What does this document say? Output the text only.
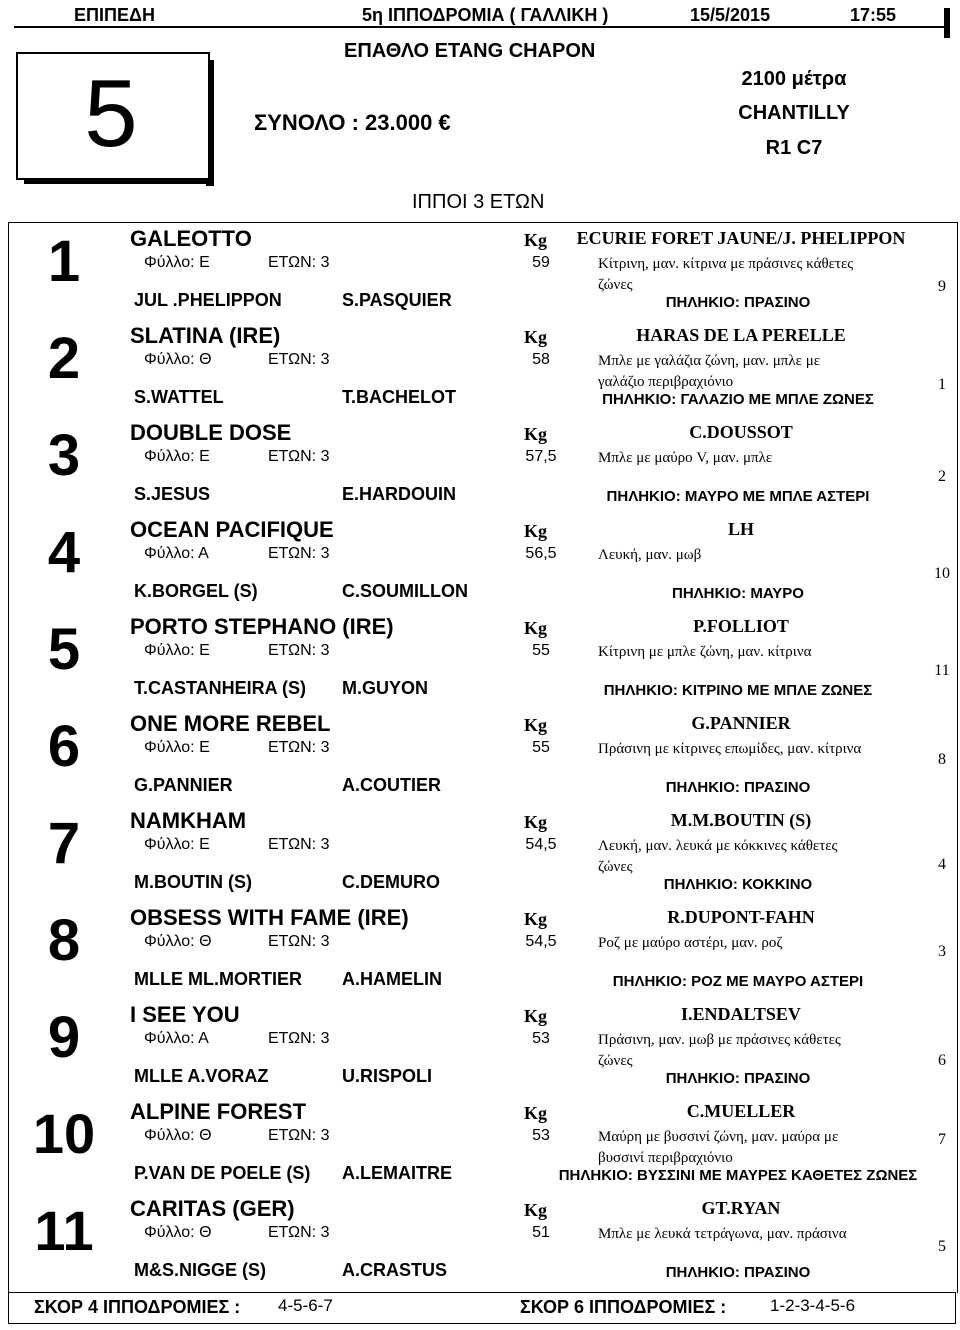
ΕΠΙΠΕΔΗ	5η ΙΠΠΟΔΡΟΜΙΑ ( ΓΑΛΛΙΚΗ )	15/5/2015	17:55
5
ΕΠΑΘΛΟ ETANG CHAPON
ΣΥΝΟΛΟ : 23.000 €
2100 μέτρα
CHANTILLY
R1 C7
ΙΠΠΟΙ 3 ΕΤΩΝ
1	GALEOTTO
Φύλλο: Ε	ΕΤΩΝ: 3
JUL .PHELIPPON	S.PASQUIER
Kg
59
ECURIE FORET JAUNE/J. PHELIPPON
Κίτρινη, μαν. κίτρινα με πράσινες κάθετες ζώνες
ΠΗΛΗΚΙΟ: ΠΡΑΣΙΝΟ
9
2	SLATINA (IRE)
Φύλλο: Θ	ΕΤΩΝ: 3
S.WATTEL	T.BACHELOT
Kg
58
HARAS DE LA PERELLE
Μπλε με γαλάζια ζώνη, μαν. μπλε με γαλάζιο περιβραχιόνιο
ΠΗΛΗΚΙΟ: ΓΑΛΑΖΙΟ ΜΕ ΜΠΛΕ ΖΩΝΕΣ
1
3	DOUBLE DOSE
Φύλλο: Ε	ΕΤΩΝ: 3
S.JESUS	E.HARDOUIN
Kg
57,5
C.DOUSSOT
Μπλε με μαύρο V, μαν. μπλε
ΠΗΛΗΚΙΟ: ΜΑΥΡΟ ΜΕ ΜΠΛΕ ΑΣΤΕΡΙ
2
4	OCEAN PACIFIQUE
Φύλλο: Α	ΕΤΩΝ: 3
K.BORGEL (S)	C.SOUMILLON
Kg
56,5
LH
Λευκή, μαν. μωβ
ΠΗΛΗΚΙΟ: ΜΑΥΡΟ
10
5	PORTO STEPHANO (IRE)
Φύλλο: Ε	ΕΤΩΝ: 3
T.CASTANHEIRA (S) M.GUYON
Kg
55
P.FOLLIOT
Κίτρινη με μπλε ζώνη, μαν. κίτρινα
ΠΗΛΗΚΙΟ: ΚΙΤΡΙΝΟ ΜΕ ΜΠΛΕ ΖΩΝΕΣ
11
6	ONE MORE REBEL
Φύλλο: Ε	ΕΤΩΝ: 3
G.PANNIER	A.COUTIER
Kg
55
G.PANNIER
Πράσινη με κίτρινες επωμίδες, μαν. κίτρινα
ΠΗΛΗΚΙΟ: ΠΡΑΣΙΝΟ
8
7	NAMKHAM
Φύλλο: Ε	ΕΤΩΝ: 3
M.BOUTIN (S)	C.DEMURO
Kg
54,5
M.M.BOUTIN (S)
Λευκή, μαν. λευκά με κόκκινες κάθετες ζώνες
ΠΗΛΗΚΙΟ: ΚΟΚΚΙΝΟ
4
8	OBSESS WITH FAME (IRE)
Φύλλο: Θ	ΕΤΩΝ: 3
MLLE ML.MORTIER A.HAMELIN
Kg
54,5
R.DUPONT-FAHN
Ροζ με μαύρο αστέρι, μαν. ροζ
ΠΗΛΗΚΙΟ: ΡΟΖ ΜΕ ΜΑΥΡΟ ΑΣΤΕΡΙ
3
9	I SEE YOU
Φύλλο: Α	ΕΤΩΝ: 3
MLLE A.VORAZ	U.RISPOLI
Kg
53
I.ENDALTSEV
Πράσινη, μαν. μωβ με πράσινες κάθετες ζώνες
ΠΗΛΗΚΙΟ: ΠΡΑΣΙΝΟ
6
10	ALPINE FOREST
Φύλλο: Θ	ΕΤΩΝ: 3
P.VAN DE POELE (S) A.LEMAITRE
Kg
53
C.MUELLER
Μαύρη με βυσσινί ζώνη, μαν. μαύρα με βυσσινί περιβραχιόνιο
ΠΗΛΗΚΙΟ: ΒΥΣΣΙΝΙ ΜΕ ΜΑΥΡΕΣ ΚΑΘΕΤΕΣ ΖΩΝΕΣ
7
11	CARITAS (GER)
Φύλλο: Θ	ΕΤΩΝ: 3
M&S.NIGGE (S)	A.CRASTUS
Kg
51
GT.RYAN
Μπλε με λευκά τετράγωνα, μαν. πράσινα
ΠΗΛΗΚΙΟ: ΠΡΑΣΙΝΟ
5
ΣΚΟΡ 4 ΙΠΠΟΔΡΟΜΙΕΣ : 4-5-6-7	ΣΚΟΡ 6 ΙΠΠΟΔΡΟΜΙΕΣ :	1-2-3-4-5-6
